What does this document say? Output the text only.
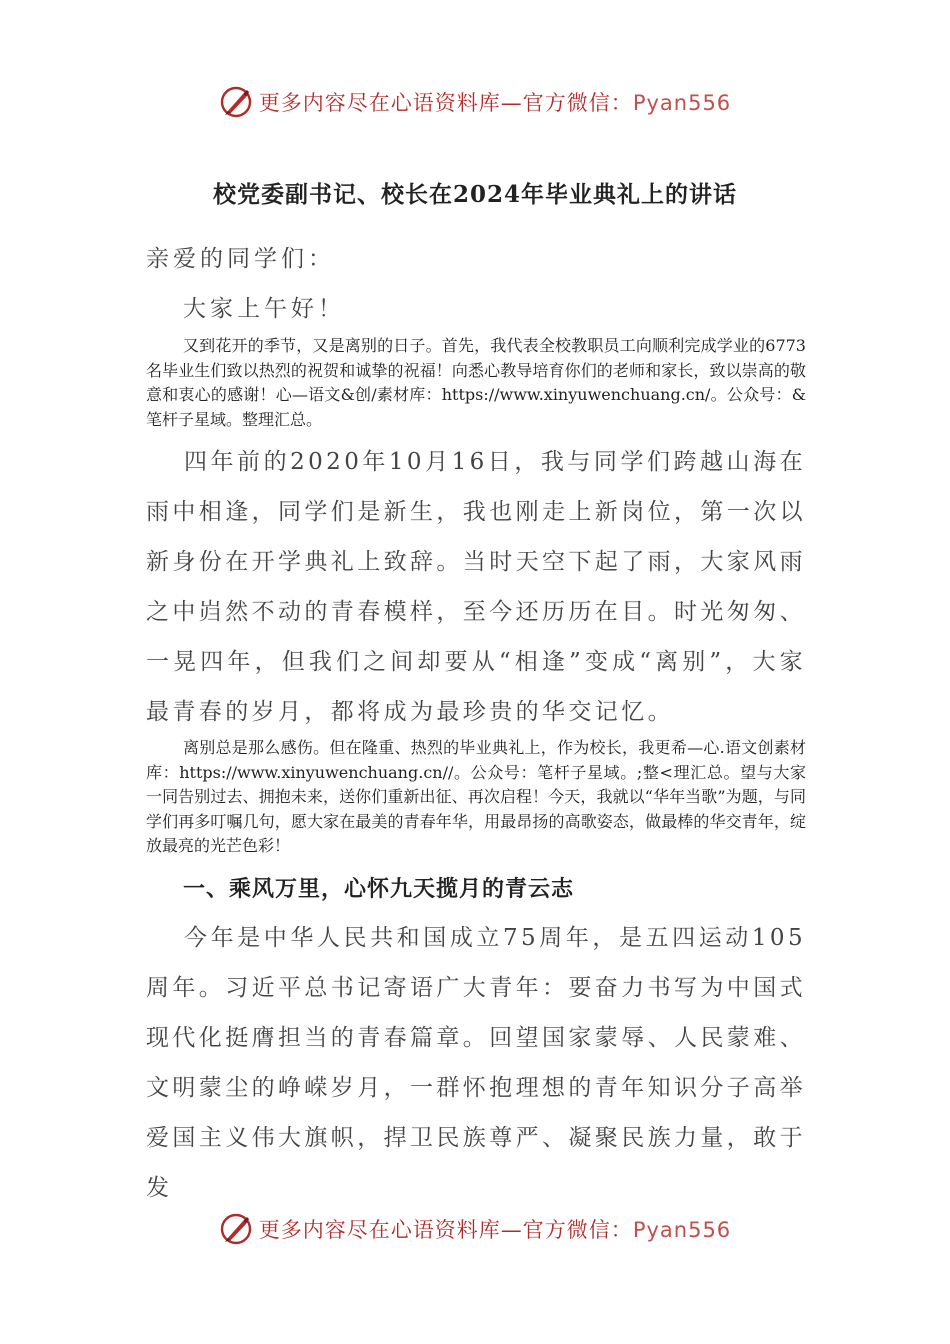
更多内容尽在心语资料库—官方微信：Pyan556
校党委副书记、校长在2024年毕业典礼上的讲话
亲爱的同学们：
大家上午好！
又到花开的季节，又是离别的日子。首先，我代表全校教职员工向顺利完成学业的6773名毕业生们致以热烈的祝贺和诚挚的祝福！向悉心教导培育你们的老师和家长，致以崇高的敬意和衷心的感谢！心—语文&创/素材库：https://www.xinyuwenchuang.cn/。公众号：&笔杆子星域。整理汇总。
四年前的2020年10月16日，我与同学们跨越山海在雨中相逢，同学们是新生，我也刚走上新岗位，第一次以新身份在开学典礼上致辞。当时天空下起了雨，大家风雨之中岿然不动的青春模样，至今还历历在目。时光匆匆、一晃四年，但我们之间却要从“相逢”变成“离别”，大家最青春的岁月，都将成为最珍贵的华交记忆。
离别总是那么感伤。但在隆重、热烈的毕业典礼上，作为校长，我更希—心.语文创素材库：https://www.xinyuwenchuang.cn//。公众号：笔杆子星域。;整<理汇总。望与大家一同告别过去、拥抱未来，送你们重新出征、再次启程！今天，我就以“华年当歌”为题，与同学们再多叮嘱几句，愿大家在最美的青春年华，用最昂扬的高歌姿态，做最棒的华交青年，绽放最亮的光芒色彩！
一、乘风万里，心怀九天揽月的青云志
今年是中华人民共和国成立75周年，是五四运动105周年。习近平总书记寄语广大青年：要奋力书写为中国式现代化挺膺担当的青春篇章。回望国家蒙辱、人民蒙难、文明蒙尘的峥嵘岁月，一群怀抱理想的青年知识分子高举爱国主义伟大旗帜，捍卫民族尊严、凝聚民族力量，敢于发
更多内容尽在心语资料库—官方微信：Pyan556
